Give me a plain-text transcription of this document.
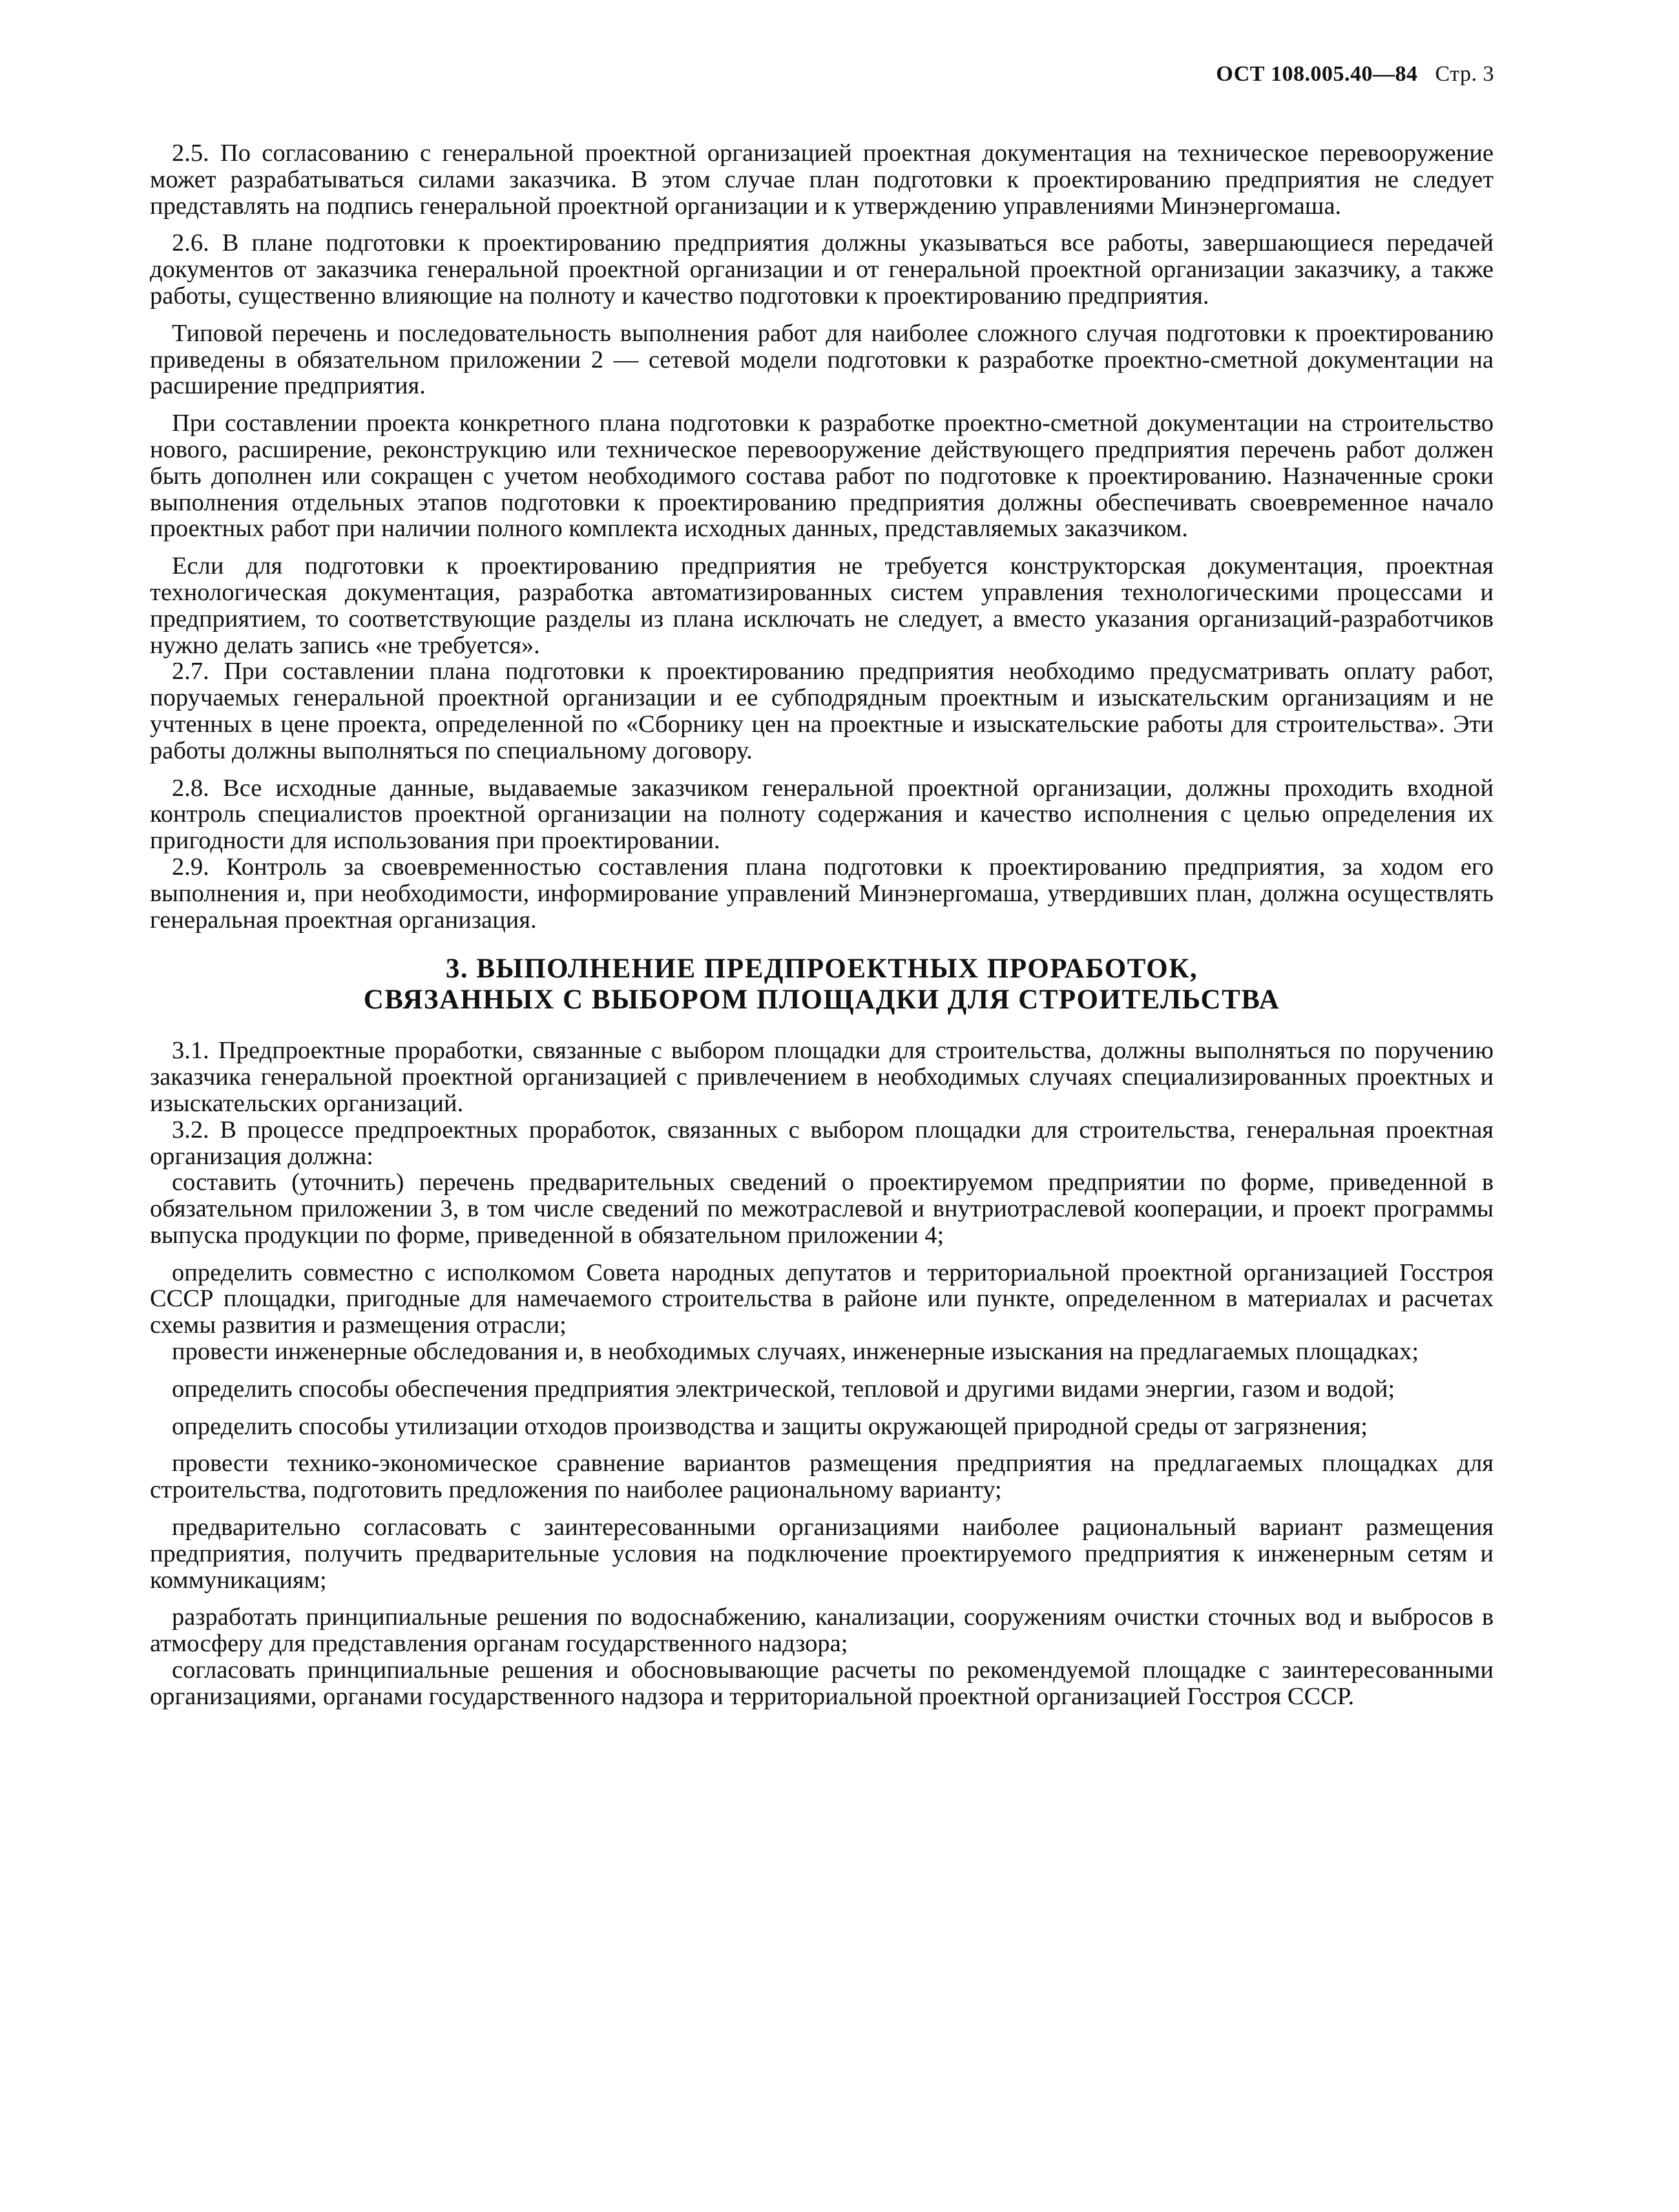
ОСТ 108.005.40—84 Стр. 3

2.5. По согласованию с генеральной проектной организацией проектная документация на техническое перевооружение может разрабатываться силами заказчика. В этом случае план подготовки к проектированию предприятия не следует представлять на подпись генеральной проектной организации и к утверждению управлениями Минэнергомаша.

2.6. В плане подготовки к проектированию предприятия должны указываться все работы, завершающиеся передачей документов от заказчика генеральной проектной организации и от генеральной проектной организации заказчику, а также работы, существенно влияющие на полноту и качество подготовки к проектированию предприятия.

Типовой перечень и последовательность выполнения работ для наиболее сложного случая подготовки к проектированию приведены в обязательном приложении 2 — сетевой модели подготовки к разработке проектно-сметной документации на расширение предприятия.

При составлении проекта конкретного плана подготовки к разработке проектно-сметной документации на строительство нового, расширение, реконструкцию или техническое перевооружение действующего предприятия перечень работ должен быть дополнен или сокращен с учетом необходимого состава работ по подготовке к проектированию. Назначенные сроки выполнения отдельных этапов подготовки к проектированию предприятия должны обеспечивать своевременное начало проектных работ при наличии полного комплекта исходных данных, представляемых заказчиком.

Если для подготовки к проектированию предприятия не требуется конструкторская документация, проектная технологическая документация, разработка автоматизированных систем управления технологическими процессами и предприятием, то соответствующие разделы из плана исключать не следует, а вместо указания организаций-разработчиков нужно делать запись «не требуется».

2.7. При составлении плана подготовки к проектированию предприятия необходимо предусматривать оплату работ, поручаемых генеральной проектной организации и ее субподрядным проектным и изыскательским организациям и не учтенных в цене проекта, определенной по «Сборнику цен на проектные и изыскательские работы для строительства». Эти работы должны выполняться по специальному договору.

2.8. Все исходные данные, выдаваемые заказчиком генеральной проектной организации, должны проходить входной контроль специалистов проектной организации на полноту содержания и качество исполнения с целью определения их пригодности для использования при проектировании.

2.9. Контроль за своевременностью составления плана подготовки к проектированию предприятия, за ходом его выполнения и, при необходимости, информирование управлений Минэнергомаша, утвердивших план, должна осуществлять генеральная проектная организация.

3. ВЫПОЛНЕНИЕ ПРЕДПРОЕКТНЫХ ПРОРАБОТОК,
СВЯЗАННЫХ С ВЫБОРОМ ПЛОЩАДКИ ДЛЯ СТРОИТЕЛЬСТВА

3.1. Предпроектные проработки, связанные с выбором площадки для строительства, должны выполняться по поручению заказчика генеральной проектной организацией с привлечением в необходимых случаях специализированных проектных и изыскательских организаций.

3.2. В процессе предпроектных проработок, связанных с выбором площадки для строительства, генеральная проектная организация должна:

составить (уточнить) перечень предварительных сведений о проектируемом предприятии по форме, приведенной в обязательном приложении 3, в том числе сведений по межотраслевой и внутриотраслевой кооперации, и проект программы выпуска продукции по форме, приведенной в обязательном приложении 4;

определить совместно с исполкомом Совета народных депутатов и территориальной проектной организацией Госстроя СССР площадки, пригодные для намечаемого строительства в районе или пункте, определенном в материалах и расчетах схемы развития и размещения отрасли;

провести инженерные обследования и, в необходимых случаях, инженерные изыскания на предлагаемых площадках;

определить способы обеспечения предприятия электрической, тепловой и другими видами энергии, газом и водой;

определить способы утилизации отходов производства и защиты окружающей природной среды от загрязнения;

провести технико-экономическое сравнение вариантов размещения предприятия на предлагаемых площадках для строительства, подготовить предложения по наиболее рациональному варианту;

предварительно согласовать с заинтересованными организациями наиболее рациональный вариант размещения предприятия, получить предварительные условия на подключение проектируемого предприятия к инженерным сетям и коммуникациям;

разработать принципиальные решения по водоснабжению, канализации, сооружениям очистки сточных вод и выбросов в атмосферу для представления органам государственного надзора;

согласовать принципиальные решения и обосновывающие расчеты по рекомендуемой площадке с заинтересованными организациями, органами государственного надзора и территориальной проектной организацией Госстроя СССР.
